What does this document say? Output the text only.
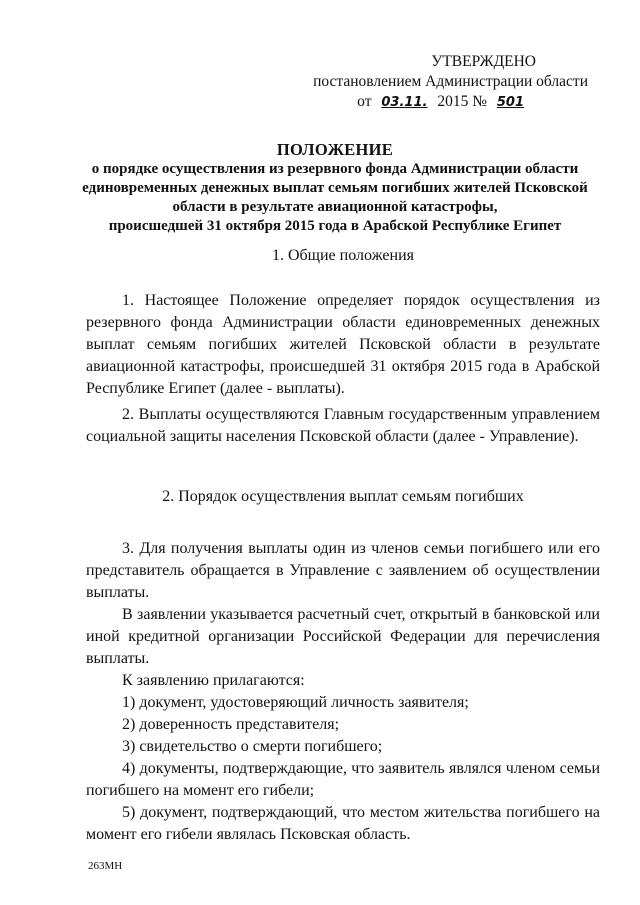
УТВЕРЖДЕНО
постановлением Администрации области
от 03.11. 2015 № 501
ПОЛОЖЕНИЕ
о порядке осуществления из резервного фонда Администрации области
единовременных денежных выплат семьям погибших жителей Псковской
области в результате авиационной катастрофы,
происшедшей 31 октября 2015 года в Арабской Республике Египет
1. Общие положения
1. Настоящее Положение определяет порядок осуществления из резервного фонда Администрации области единовременных денежных выплат семьям погибших жителей Псковской области в результате авиационной катастрофы, происшедшей 31 октября 2015 года в Арабской Республике Египет (далее - выплаты).
2. Выплаты осуществляются Главным государственным управлением социальной защиты населения Псковской области (далее - Управление).
2. Порядок осуществления выплат семьям погибших
3. Для получения выплаты один из членов семьи погибшего или его представитель обращается в Управление с заявлением об осуществлении выплаты.
В заявлении указывается расчетный счет, открытый в банковской или иной кредитной организации Российской Федерации для перечисления выплаты.
К заявлению прилагаются:
1) документ, удостоверяющий личность заявителя;
2) доверенность представителя;
3) свидетельство о смерти погибшего;
4) документы, подтверждающие, что заявитель являлся членом семьи погибшего на момент его гибели;
5) документ, подтверждающий, что местом жительства погибшего на момент его гибели являлась Псковская область.
263МН
